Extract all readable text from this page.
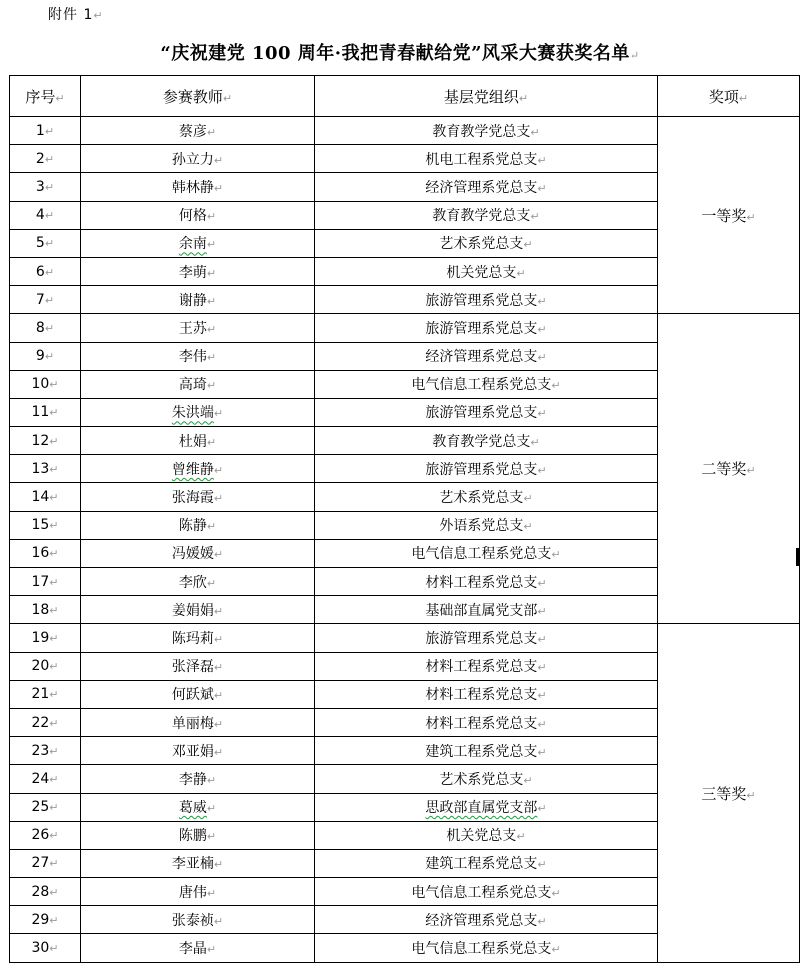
附件 1↵
“庆祝建党 100 周年·我把青春献给党”风采大赛获奖名单↵
序号↵	参赛教师↵	基层党组织↵	奖项↵
1↵	蔡彦↵	教育教学党总支↵	一等奖↵
2↵	孙立力↵	机电工程系党总支↵	
3↵	韩林静↵	经济管理系党总支↵	
4↵	何格↵	教育教学党总支↵	
5↵	余南↵	艺术系党总支↵	
6↵	李萌↵	机关党总支↵	
7↵	谢静↵	旅游管理系党总支↵	
8↵	王苏↵	旅游管理系党总支↵	二等奖↵
9↵	李伟↵	经济管理系党总支↵	
10↵	高琦↵	电气信息工程系党总支↵	
11↵	朱洪端↵	旅游管理系党总支↵	
12↵	杜娟↵	教育教学党总支↵	
13↵	曾维静↵	旅游管理系党总支↵	
14↵	张海霞↵	艺术系党总支↵	
15↵	陈静↵	外语系党总支↵	
16↵	冯媛媛↵	电气信息工程系党总支↵	
17↵	李欣↵	材料工程系党总支↵	
18↵	姜娟娟↵	基础部直属党支部↵	
19↵	陈玛莉↵	旅游管理系党总支↵	三等奖↵
20↵	张泽磊↵	材料工程系党总支↵	
21↵	何跃斌↵	材料工程系党总支↵	
22↵	单丽梅↵	材料工程系党总支↵	
23↵	邓亚娟↵	建筑工程系党总支↵	
24↵	李静↵	艺术系党总支↵	
25↵	葛威↵	思政部直属党支部↵	
26↵	陈鹏↵	机关党总支↵	
27↵	李亚楠↵	建筑工程系党总支↵	
28↵	唐伟↵	电气信息工程系党总支↵	
29↵	张泰祯↵	经济管理系党总支↵	
30↵	李晶↵	电气信息工程系党总支↵	
